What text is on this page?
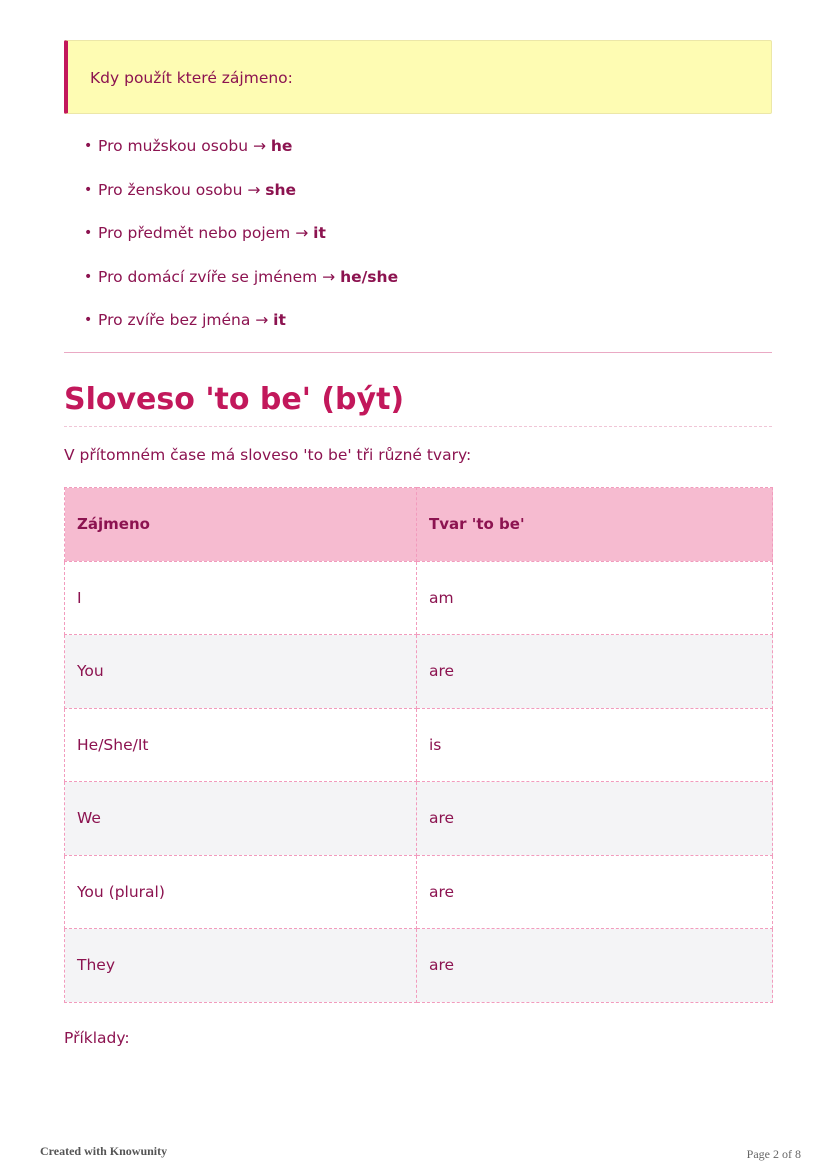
Kdy použít které zájmeno:
• Pro mužskou osobu → he
• Pro ženskou osobu → she
• Pro předmět nebo pojem → it
• Pro domácí zvíře se jménem → he/she
• Pro zvíře bez jména → it
Sloveso 'to be' (být)

V přítomném čase má sloveso 'to be' tři různé tvary:

Zájmeno	Tvar 'to be'
I	am
You	are
He/She/It	is
We	are
You (plural)	are
They	are

Příklady:

Created with Knowunity	Page 2 of 8
